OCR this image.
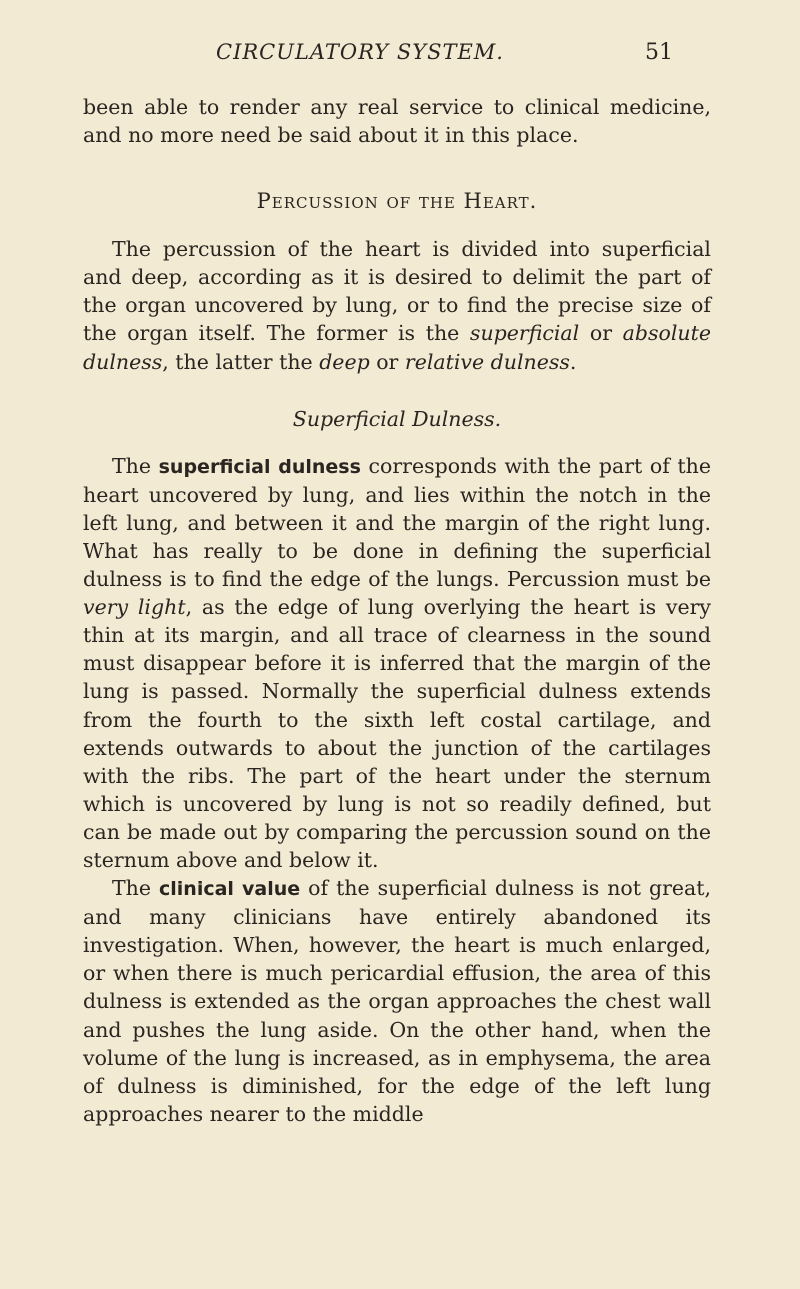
CIRCULATORY SYSTEM.	51

been able to render any real service to clinical medicine, and no more need be said about it in this place.

Percussion of the Heart.

The percussion of the heart is divided into superficial and deep, according as it is desired to delimit the part of the organ uncovered by lung, or to find the precise size of the organ itself. The former is the superficial or absolute dulness, the latter the deep or relative dulness.

Superficial Dulness.

The superficial dulness corresponds with the part of the heart uncovered by lung, and lies within the notch in the left lung, and between it and the margin of the right lung. What has really to be done in defining the superficial dulness is to find the edge of the lungs. Percussion must be very light, as the edge of lung overlying the heart is very thin at its margin, and all trace of clearness in the sound must disappear before it is inferred that the margin of the lung is passed. Normally the superficial dulness extends from the fourth to the sixth left costal cartilage, and extends outwards to about the junction of the cartilages with the ribs. The part of the heart under the sternum which is uncovered by lung is not so readily defined, but can be made out by comparing the percussion sound on the sternum above and below it.

The clinical value of the superficial dulness is not great, and many clinicians have entirely abandoned its investigation. When, however, the heart is much enlarged, or when there is much pericardial effusion, the area of this dulness is extended as the organ approaches the chest wall and pushes the lung aside. On the other hand, when the volume of the lung is increased, as in emphysema, the area of dulness is diminished, for the edge of the left lung approaches nearer to the middle
